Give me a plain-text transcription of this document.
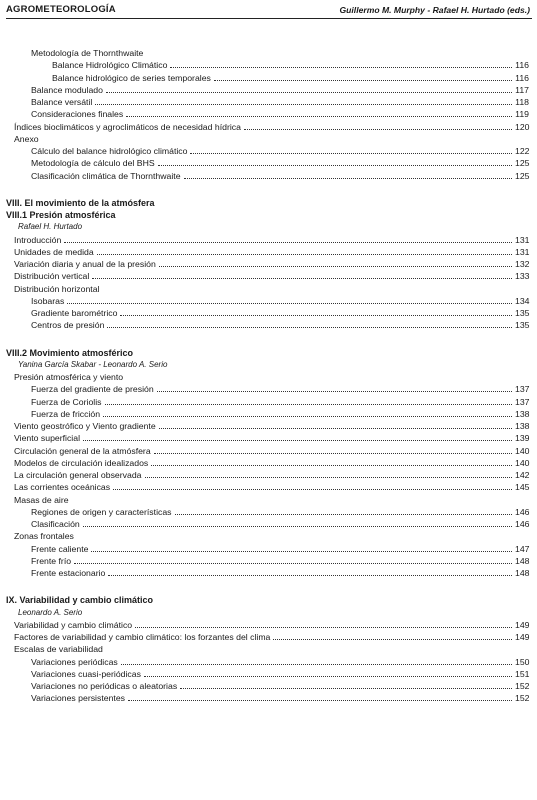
AGROMETEOROLOGÍA	Guillermo M. Murphy - Rafael H. Hurtado (eds.)
Metodología de Thornthwaite
Balance Hidrológico Climático	116
Balance hidrológico de series temporales	116
Balance modulado	117
Balance versátil	118
Consideraciones finales	119
Índices bioclimáticos y agroclimáticos de necesidad hídrica	120
Anexo
Cálculo del balance hidrológico climático	122
Metodología de cálculo del BHS	125
Clasificación climática de Thornthwaite	125
VIII. El movimiento de la atmósfera
VIII.1 Presión atmosférica
Rafael H. Hurtado
Introducción	131
Unidades de medida	131
Variación diaria y anual de la presión	132
Distribución vertical	133
Distribución horizontal
Isobaras	134
Gradiente barométrico	135
Centros de presión	135
VIII.2 Movimiento atmosférico
Yanina García Skabar - Leonardo A. Serio
Presión atmosférica y viento
Fuerza del gradiente de presión	137
Fuerza de Coriolis	137
Fuerza de fricción	138
Viento geostrófico y Viento gradiente	138
Viento superficial	139
Circulación general de la atmósfera	140
Modelos de circulación idealizados	140
La circulación general observada	142
Las corrientes oceánicas	145
Masas de aire
Regiones de origen y características	146
Clasificación	146
Zonas frontales
Frente caliente	147
Frente frío	148
Frente estacionario	148
IX. Variabilidad y cambio climático
Leonardo A. Serio
Variabilidad y cambio climático	149
Factores de variabilidad y cambio climático: los forzantes del clima	149
Escalas de variabilidad
Variaciones periódicas	150
Variaciones cuasi-periódicas	151
Variaciones no periódicas o aleatorias	152
Variaciones persistentes	152
